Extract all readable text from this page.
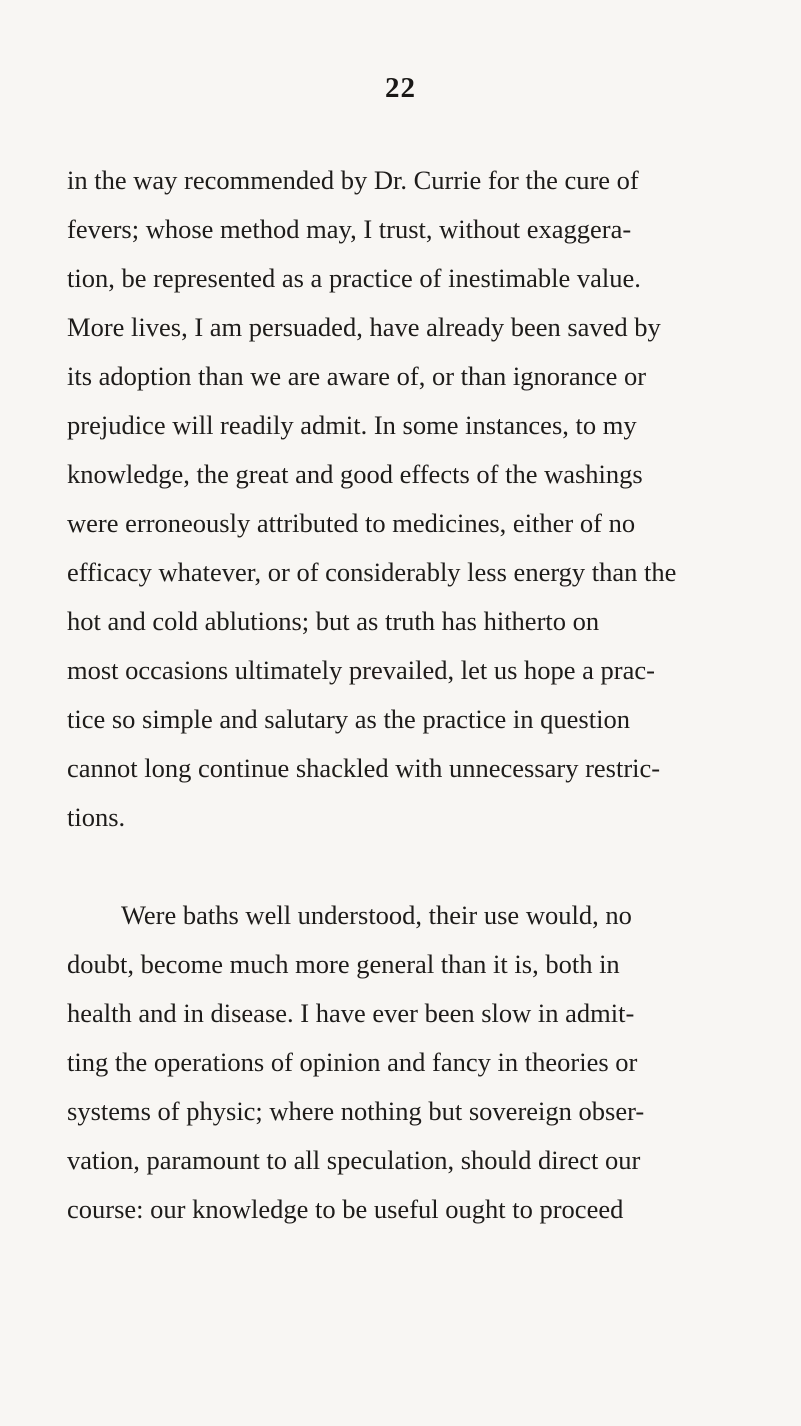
22
in the way recommended by Dr. Currie for the cure of
fevers; whose method may, I trust, without exaggera-
tion, be represented as a practice of inestimable value.
More lives, I am persuaded, have already been saved by
its adoption than we are aware of, or than ignorance or
prejudice will readily admit. In some instances, to my
knowledge, the great and good effects of the washings
were erroneously attributed to medicines, either of no
efficacy whatever, or of considerably less energy than the
hot and cold ablutions; but as truth has hitherto on
most occasions ultimately prevailed, let us hope a prac-
tice so simple and salutary as the practice in question
cannot long continue shackled with unnecessary restric-
tions.
Were baths well understood, their use would, no
doubt, become much more general than it is, both in
health and in disease. I have ever been slow in admit-
ting the operations of opinion and fancy in theories or
systems of physic; where nothing but sovereign obser-
vation, paramount to all speculation, should direct our
course: our knowledge to be useful ought to proceed
